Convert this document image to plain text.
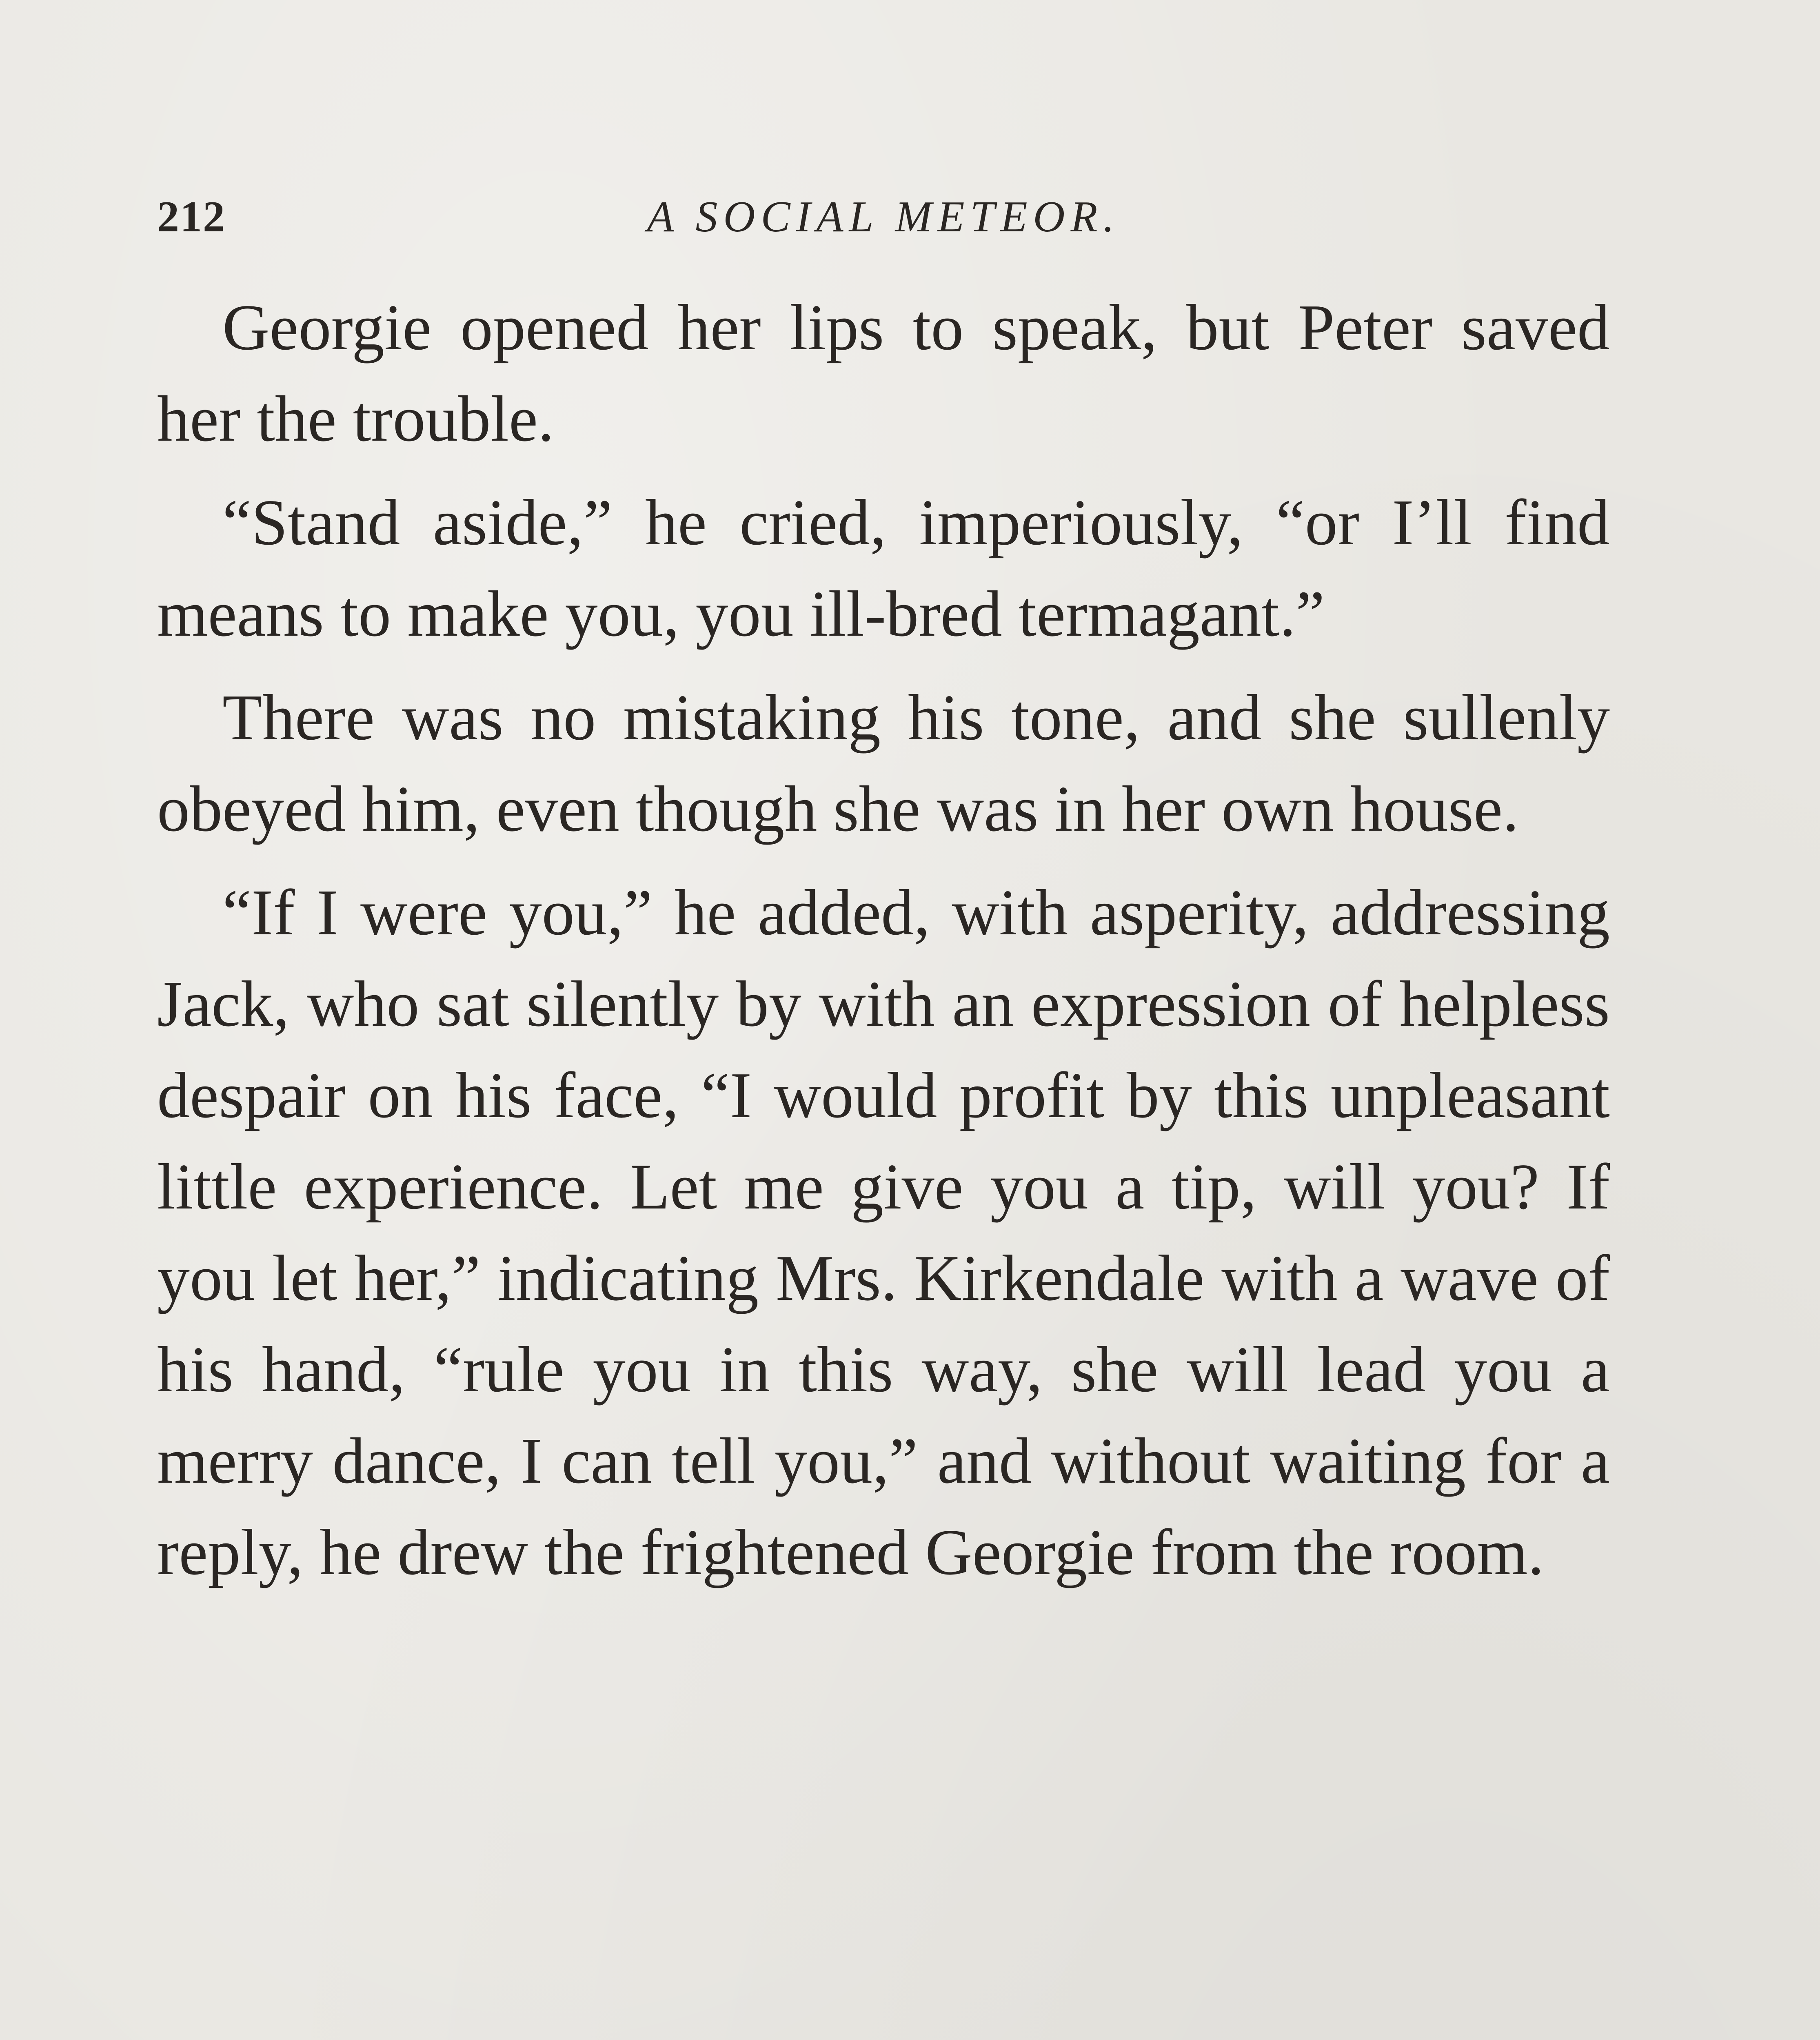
212	A SOCIAL METEOR.

Georgie opened her lips to speak, but Peter saved her the trouble.

“Stand aside,” he cried, imperiously, “or I’ll find means to make you, you ill-bred termagant.”

There was no mistaking his tone, and she sullenly obeyed him, even though she was in her own house.

“If I were you,” he added, with asperity, addressing Jack, who sat silently by with an expression of helpless despair on his face, “I would profit by this unpleasant little experience. Let me give you a tip, will you? If you let her,” indicating Mrs. Kirkendale with a wave of his hand, “rule you in this way, she will lead you a merry dance, I can tell you,” and without waiting for a reply, he drew the frightened Georgie from the room.
